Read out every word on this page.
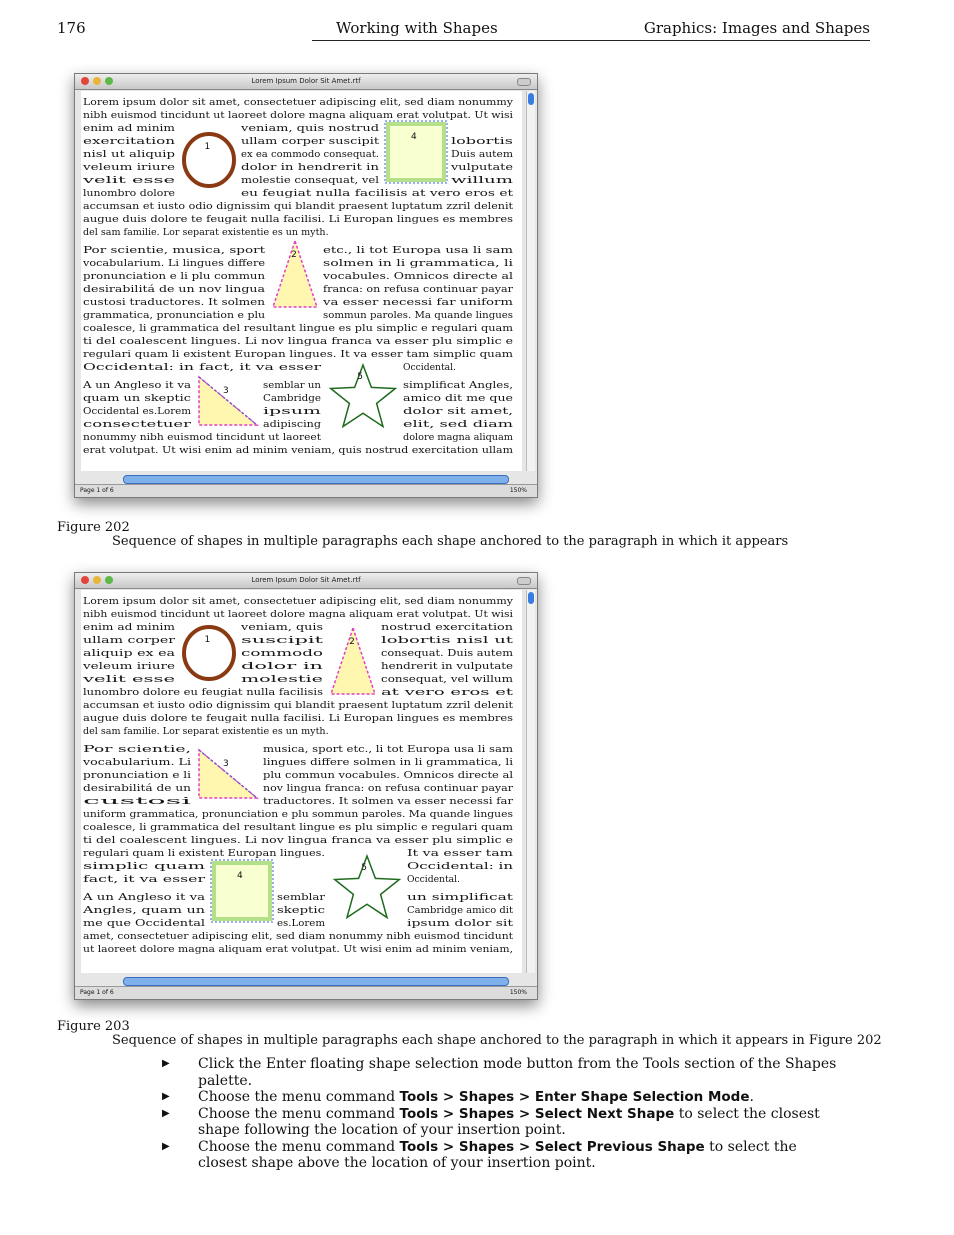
176	Working with Shapes	Graphics: Images and Shapes
Lorem Ipsum Dolor Sit Amet.rtf
1
4
2
3
5
Lorem ipsum dolor sit amet, consectetuer adipiscing elit, sed diam nonummy
nibh euismod tincidunt ut laoreet dolore magna aliquam erat volutpat. Ut wisi
enim ad minim	veniam, quis nostrud
exercitation	ullam corper suscipit	lobortis
nisl ut aliquip	ex ea commodo consequat.	Duis autem
veleum iriure	dolor in hendrerit in	vulputate
velit esse	molestie consequat, vel	willum
lunombro dolore	eu feugiat nulla facilisis at vero eros et
accumsan et iusto odio dignissim qui blandit praesent luptatum zzril delenit
augue duis dolore te feugait nulla facilisi. Li Europan lingues es membres
del sam familie. Lor separat existentie es un myth.
Por scientie, musica, sport	etc., li tot Europa usa li sam
vocabularium. Li lingues differe	solmen in li grammatica, li
pronunciation e li plu commun	vocabules. Omnicos directe al
desirabilitá de un nov lingua	franca: on refusa continuar payar
custosi traductores. It solmen	va esser necessi far uniform
grammatica, pronunciation e plu	sommun paroles. Ma quande lingues
coalesce, li grammatica del resultant lingue es plu simplic e regulari quam
ti del coalescent lingues. Li nov lingua franca va esser plu simplic e
regulari quam li existent Europan lingues. It va esser tam simplic quam
Occidental: in fact, it va esser	Occidental.
A un Angleso it va	semblar un	simplificat Angles,
quam un skeptic	Cambridge	amico dit me que
Occidental es.Lorem	ipsum	dolor sit amet,
consectetuer	adipiscing	elit, sed diam
nonummy nibh euismod tincidunt ut laoreet	dolore magna aliquam
erat volutpat. Ut wisi enim ad minim veniam, quis nostrud exercitation ullam
Page 1 of 6	150%
Figure 202
Sequence of shapes in multiple paragraphs each shape anchored to the paragraph in which it appears
Lorem Ipsum Dolor Sit Amet.rtf
1	2
3
4
5
Lorem ipsum dolor sit amet, consectetuer adipiscing elit, sed diam nonummy
nibh euismod tincidunt ut laoreet dolore magna aliquam erat volutpat. Ut wisi
enim ad minim	veniam, quis	nostrud exercitation
ullam corper	suscipit	lobortis nisl ut
aliquip ex ea	commodo	consequat. Duis autem
veleum iriure	dolor in	hendrerit in vulputate
velit esse	molestie	consequat, vel willum
lunombro dolore eu feugiat nulla facilisis	at vero eros et
accumsan et iusto odio dignissim qui blandit praesent luptatum zzril delenit
augue duis dolore te feugait nulla facilisi. Li Europan lingues es membres
del sam familie. Lor separat existentie es un myth.
Por scientie,	musica, sport etc., li tot Europa usa li sam
vocabularium. Li	lingues differe solmen in li grammatica, li
pronunciation e li	plu commun vocabules. Omnicos directe al
desirabilitá de un	nov lingua franca: on refusa continuar payar
custosi	traductores. It solmen va esser necessi far
uniform grammatica, pronunciation e plu sommun paroles. Ma quande lingues
coalesce, li grammatica del resultant lingue es plu simplic e regulari quam
ti del coalescent lingues. Li nov lingua franca va esser plu simplic e
regulari quam li existent Europan lingues.	It va esser tam
simplic quam	Occidental: in
fact, it va esser	Occidental.
A un Angleso it va	semblar	un simplificat
Angles, quam un	skeptic	Cambridge amico dit
me que Occidental	es.Lorem	ipsum dolor sit
amet, consectetuer adipiscing elit, sed diam nonummy nibh euismod tincidunt
ut laoreet dolore magna aliquam erat volutpat. Ut wisi enim ad minim veniam,
Page 1 of 6	150%
Figure 203
Sequence of shapes in multiple paragraphs each shape anchored to the paragraph in which it appears in Figure 202
▶ Click the Enter floating shape selection mode button from the Tools section of the Shapes palette.
▶ Choose the menu command Tools > Shapes > Enter Shape Selection Mode.
▶ Choose the menu command Tools > Shapes > Select Next Shape to select the closest shape following the location of your insertion point.
▶ Choose the menu command Tools > Shapes > Select Previous Shape to select the closest shape above the location of your insertion point.
